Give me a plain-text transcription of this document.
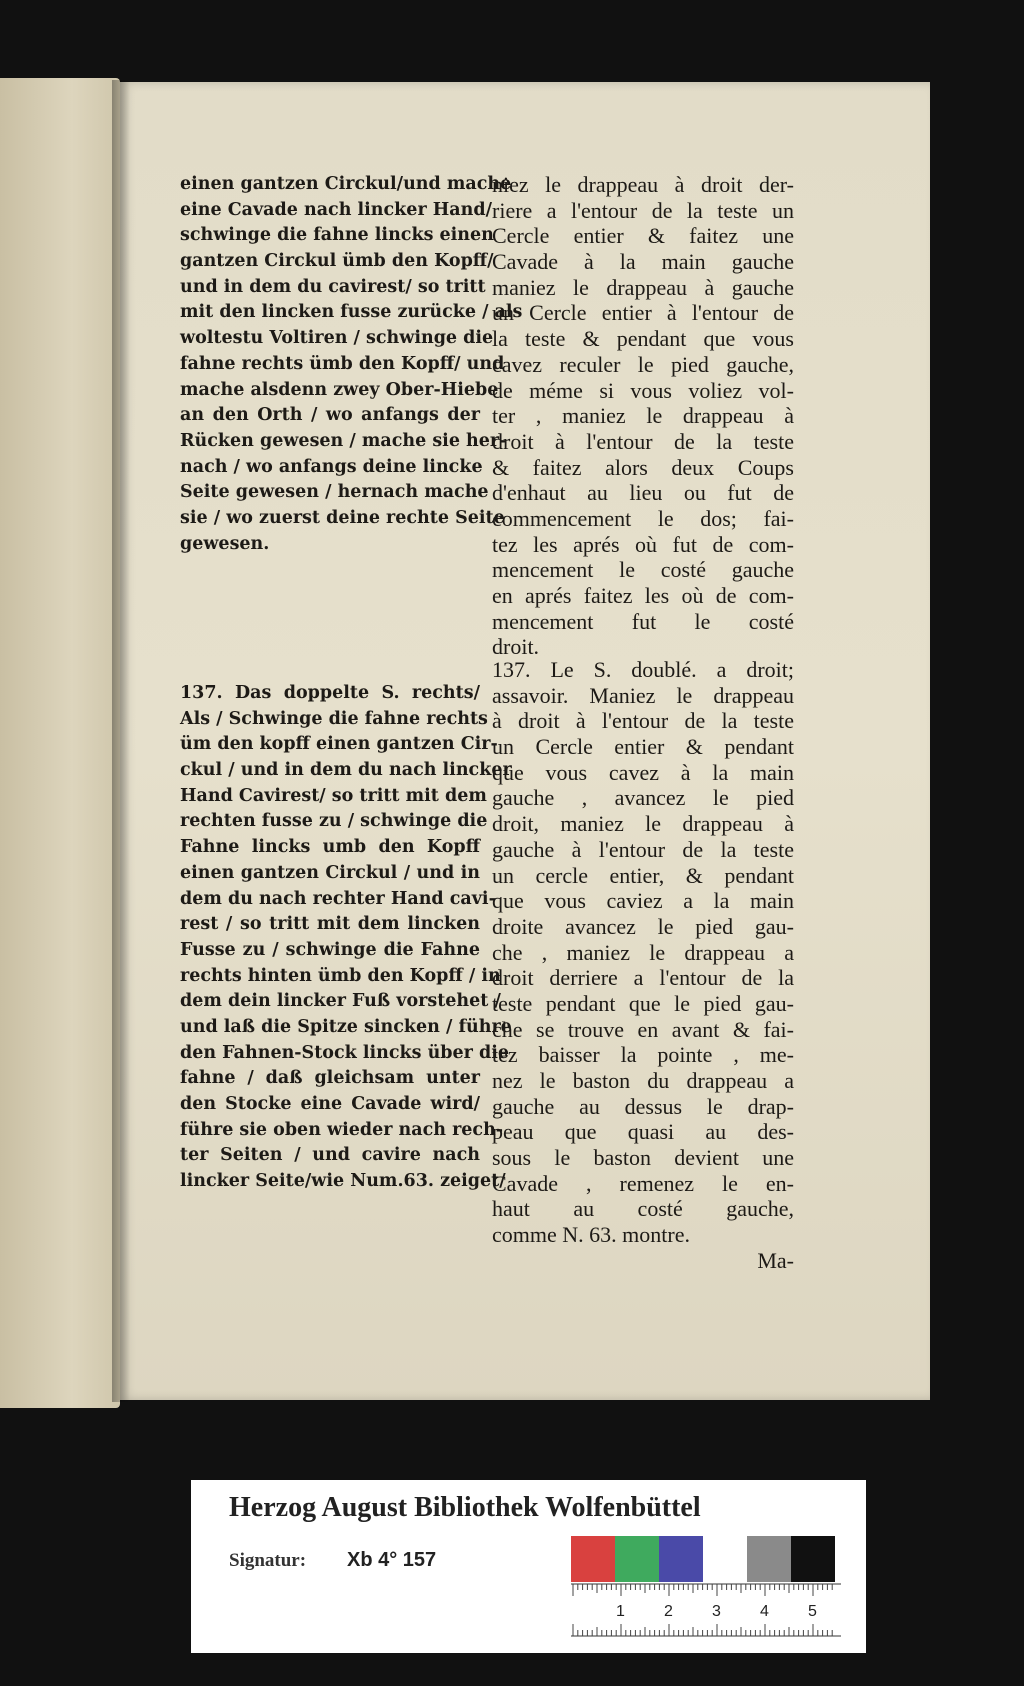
einen gantzen Circkul/und mache
eine Cavade nach lincker Hand/
schwinge die fahne lincks einen
gantzen Circkul ümb den Kopff/
und in dem du cavirest/ so tritt
mit den lincken fusse zurücke / als
woltestu Voltiren / schwinge die
fahne rechts ümb den Kopff/ und
mache alsdenn zwey Ober-Hiebe
an den Orth / wo anfangs der
Rücken gewesen / mache sie her-
nach / wo anfangs deine lincke
Seite gewesen / hernach mache
sie / wo zuerst deine rechte Seite
gewesen.
137. Das doppelte S. rechts/
Als / Schwinge die fahne rechts
üm den kopff einen gantzen Cir-
ckul / und in dem du nach lincker
Hand Cavirest/ so tritt mit dem
rechten fusse zu / schwinge die
Fahne lincks umb den Kopff
einen gantzen Circkul / und in
dem du nach rechter Hand cavi-
rest / so tritt mit dem lincken
Fusse zu / schwinge die Fahne
rechts hinten ümb den Kopff / in
dem dein lincker Fuß vorstehet /
und laß die Spitze sincken / führe
den Fahnen-Stock lincks über die
fahne / daß gleichsam unter
den Stocke eine Cavade wird/
führe sie oben wieder nach rech-
ter Seiten / und cavire nach
lincker Seite/wie Num.63. zeiget/
niez le drappeau à droit der-
riere a l'entour de la teste un
Cercle entier & faitez une
Cavade à la main gauche
maniez le drappeau à gauche
un Cercle entier à l'entour de
la teste & pendant que vous
cavez reculer le pied gauche,
de méme si vous voliez vol-
ter , maniez le drappeau à
droit à l'entour de la teste
& faitez alors deux Coups
d'enhaut au lieu ou fut de
commencement le dos; fai-
tez les aprés où fut de com-
mencement le costé gauche
en aprés faitez les où de com-
mencement fut le costé
droit.
137. Le S. doublé. a droit;
assavoir. Maniez le drappeau
à droit à l'entour de la teste
un Cercle entier & pendant
que vous cavez à la main
gauche , avancez le pied
droit, maniez le drappeau à
gauche à l'entour de la teste
un cercle entier, & pendant
que vous caviez a la main
droite avancez le pied gau-
che , maniez le drappeau a
droit derriere a l'entour de la
teste pendant que le pied gau-
che se trouve en avant & fai-
tez baisser la pointe , me-
nez le baston du drappeau a
gauche au dessus le drap-
peau que quasi au des-
sous le baston devient une
Cavade , remenez le en-
haut au costé gauche,
comme N. 63. montre.
Ma-
Herzog August Bibliothek Wolfenbüttel
Signatur: Xb 4° 157
1 2 3 4 5
